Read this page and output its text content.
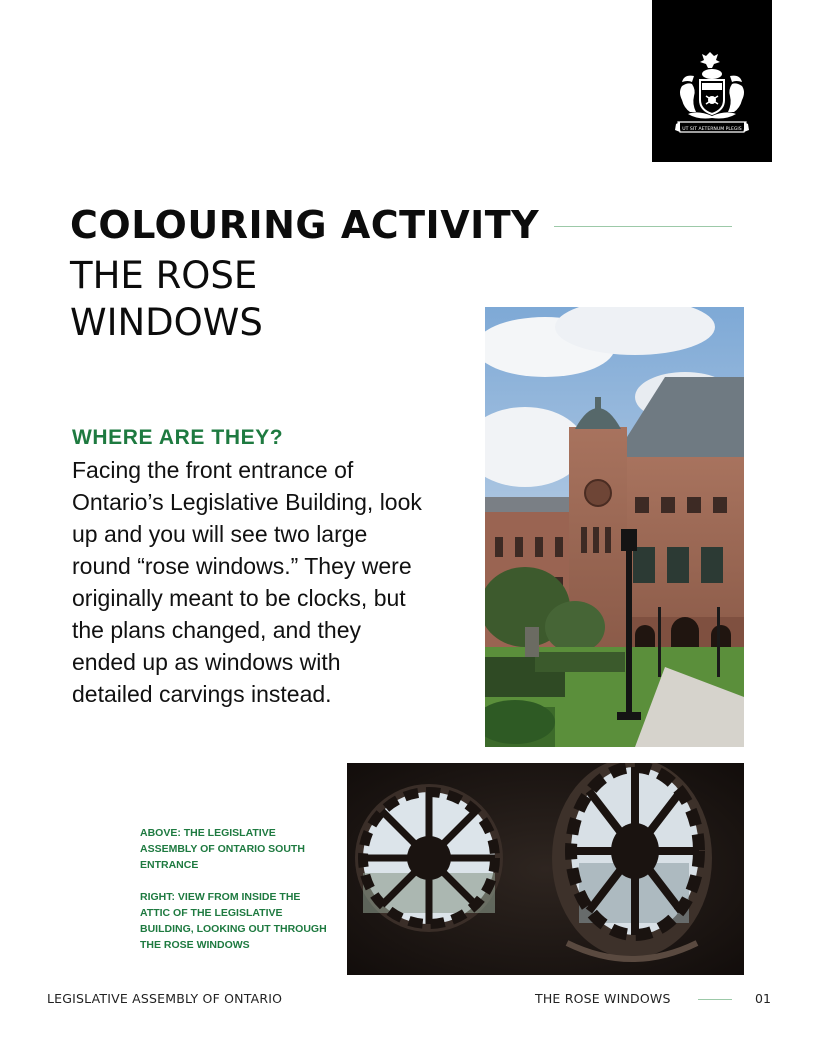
UT SIT AETERNUM PLEGIS
COLOURING ACTIVITY
THE ROSE WINDOWS
WHERE ARE THEY?

Facing the front entrance of Ontario’s Legislative Building, look up and you will see two large round “rose windows.” They were originally meant to be clocks, but the plans changed, and they ended up as windows with detailed carvings instead.

ABOVE: THE LEGISLATIVE ASSEMBLY OF ONTARIO SOUTH ENTRANCE

RIGHT: VIEW FROM INSIDE THE ATTIC OF THE LEGISLATIVE BUILDING, LOOKING OUT THROUGH THE ROSE WINDOWS

LEGISLATIVE ASSEMBLY OF ONTARIO	THE ROSE WINDOWS	01
